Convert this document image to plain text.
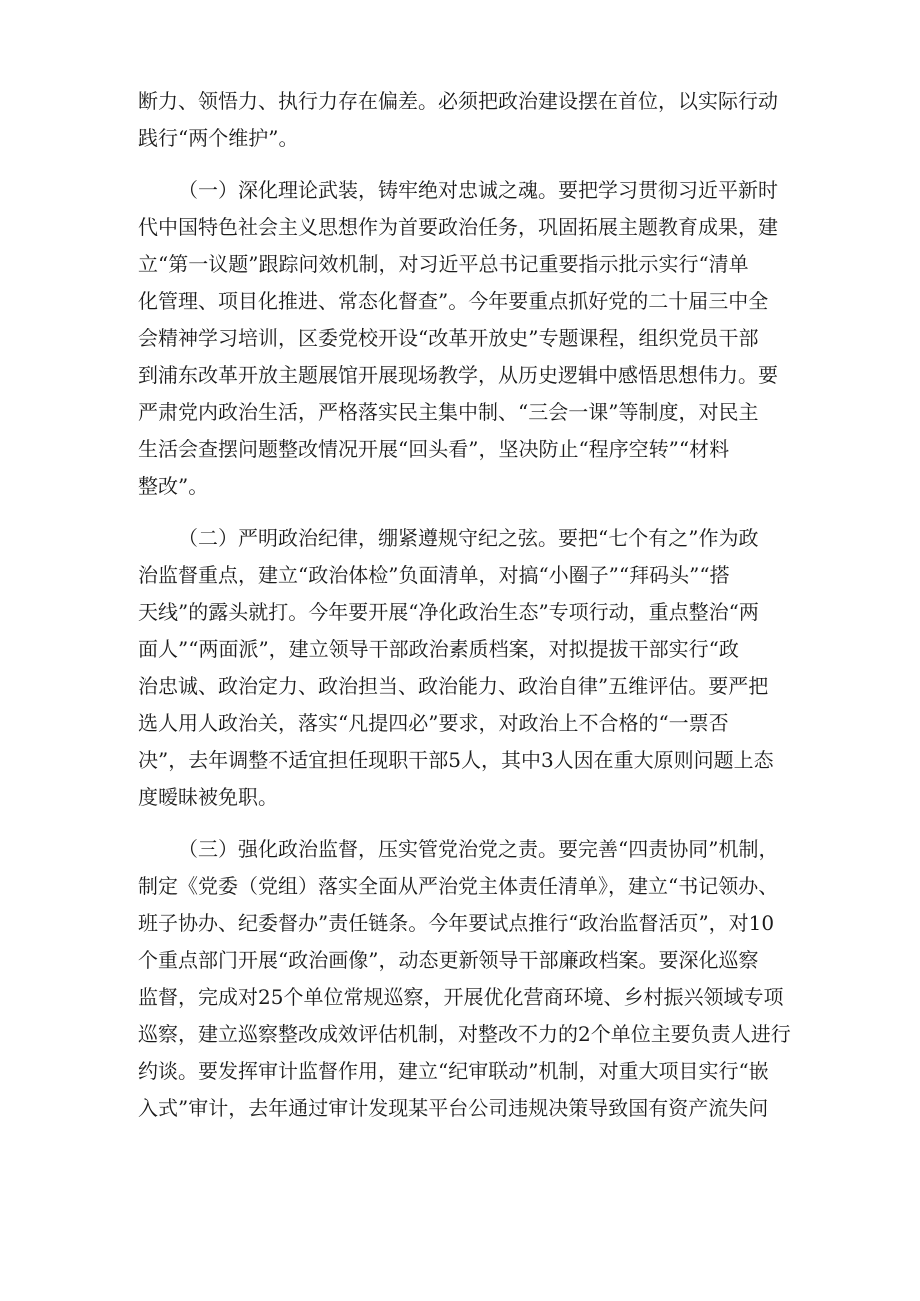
断力、领悟力、执行力存在偏差。必须把政治建设摆在首位，以实际行动
践行“两个维护”。
（一）深化理论武装，铸牢绝对忠诚之魂。要把学习贯彻习近平新时
代中国特色社会主义思想作为首要政治任务，巩固拓展主题教育成果，建
立“第一议题”跟踪问效机制，对习近平总书记重要指示批示实行“清单
化管理、项目化推进、常态化督查”。今年要重点抓好党的二十届三中全
会精神学习培训，区委党校开设“改革开放史”专题课程，组织党员干部
到浦东改革开放主题展馆开展现场教学，从历史逻辑中感悟思想伟力。要
严肃党内政治生活，严格落实民主集中制、“三会一课”等制度，对民主
生活会查摆问题整改情况开展“回头看”，坚决防止“程序空转”“材料
整改”。
（二）严明政治纪律，绷紧遵规守纪之弦。要把“七个有之”作为政
治监督重点，建立“政治体检”负面清单，对搞“小圈子”“拜码头”“搭
天线”的露头就打。今年要开展“净化政治生态”专项行动，重点整治“两
面人”“两面派”，建立领导干部政治素质档案，对拟提拔干部实行“政
治忠诚、政治定力、政治担当、政治能力、政治自律”五维评估。要严把
选人用人政治关，落实“凡提四必”要求，对政治上不合格的“一票否
决”，去年调整不适宜担任现职干部5人，其中3人因在重大原则问题上态
度暧昧被免职。
（三）强化政治监督，压实管党治党之责。要完善“四责协同”机制，
制定《党委（党组）落实全面从严治党主体责任清单》，建立“书记领办、
班子协办、纪委督办”责任链条。今年要试点推行“政治监督活页”，对10
个重点部门开展“政治画像”，动态更新领导干部廉政档案。要深化巡察
监督，完成对25个单位常规巡察，开展优化营商环境、乡村振兴领域专项
巡察，建立巡察整改成效评估机制，对整改不力的2个单位主要负责人进行
约谈。要发挥审计监督作用，建立“纪审联动”机制，对重大项目实行“嵌
入式”审计，去年通过审计发现某平台公司违规决策导致国有资产流失问
